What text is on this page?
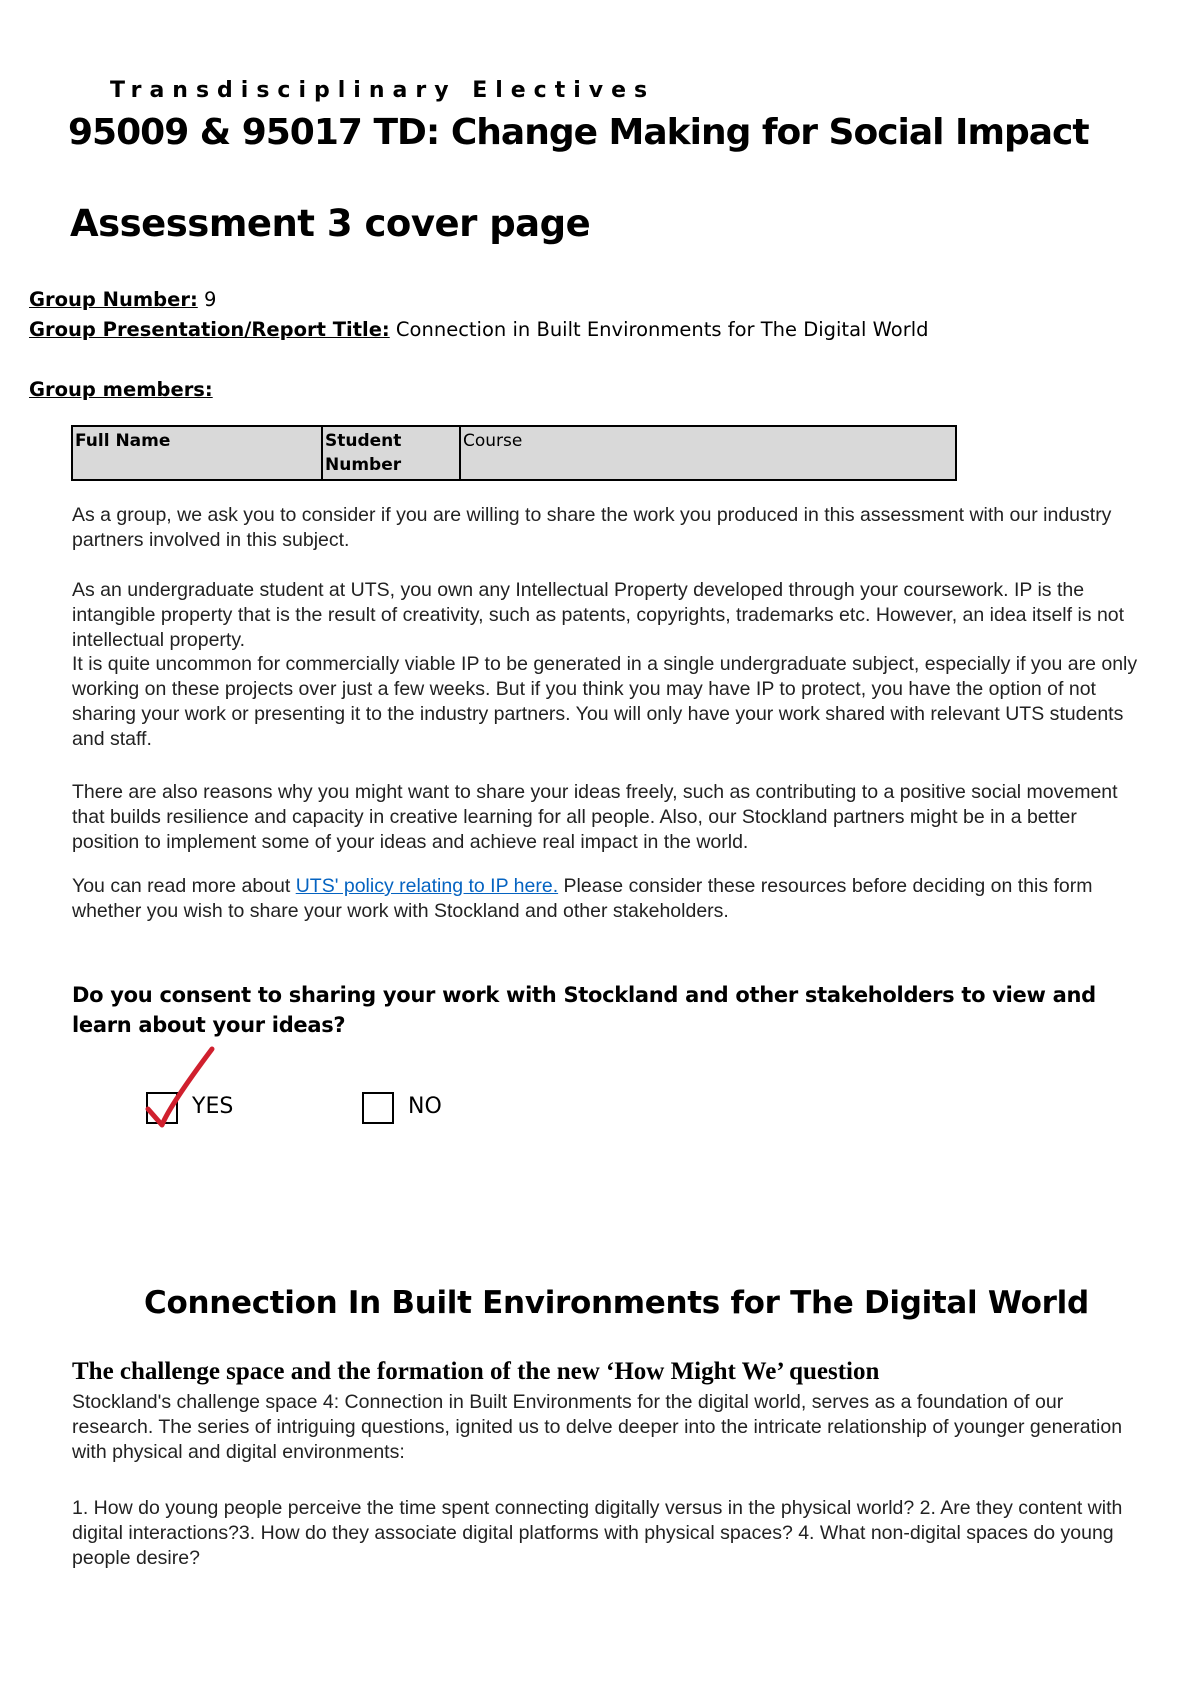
Transdisciplinary Electives
95009 & 95017 TD: Change Making for Social Impact
Assessment 3 cover page
Group Number: 9
Group Presentation/Report Title: Connection in Built Environments for The Digital World
Group members:
Full Name	Student Number	Course
As a group, we ask you to consider if you are willing to share the work you produced in this assessment with our industry partners involved in this subject.
As an undergraduate student at UTS, you own any Intellectual Property developed through your coursework. IP is the intangible property that is the result of creativity, such as patents, copyrights, trademarks etc. However, an idea itself is not intellectual property.
It is quite uncommon for commercially viable IP to be generated in a single undergraduate subject, especially if you are only working on these projects over just a few weeks. But if you think you may have IP to protect, you have the option of not sharing your work or presenting it to the industry partners. You will only have your work shared with relevant UTS students and staff.
There are also reasons why you might want to share your ideas freely, such as contributing to a positive social movement that builds resilience and capacity in creative learning for all people. Also, our Stockland partners might be in a better position to implement some of your ideas and achieve real impact in the world.
You can read more about UTS' policy relating to IP here. Please consider these resources before deciding on this form whether you wish to share your work with Stockland and other stakeholders.
Do you consent to sharing your work with Stockland and other stakeholders to view and learn about your ideas?
YES	NO
Connection In Built Environments for The Digital World
The challenge space and the formation of the new ‘How Might We’ question
Stockland's challenge space 4: Connection in Built Environments for the digital world, serves as a foundation of our research. The series of intriguing questions, ignited us to delve deeper into the intricate relationship of younger generation with physical and digital environments:
1. How do young people perceive the time spent connecting digitally versus in the physical world? 2. Are they content with digital interactions?3. How do they associate digital platforms with physical spaces? 4. What non-digital spaces do young people desire?
